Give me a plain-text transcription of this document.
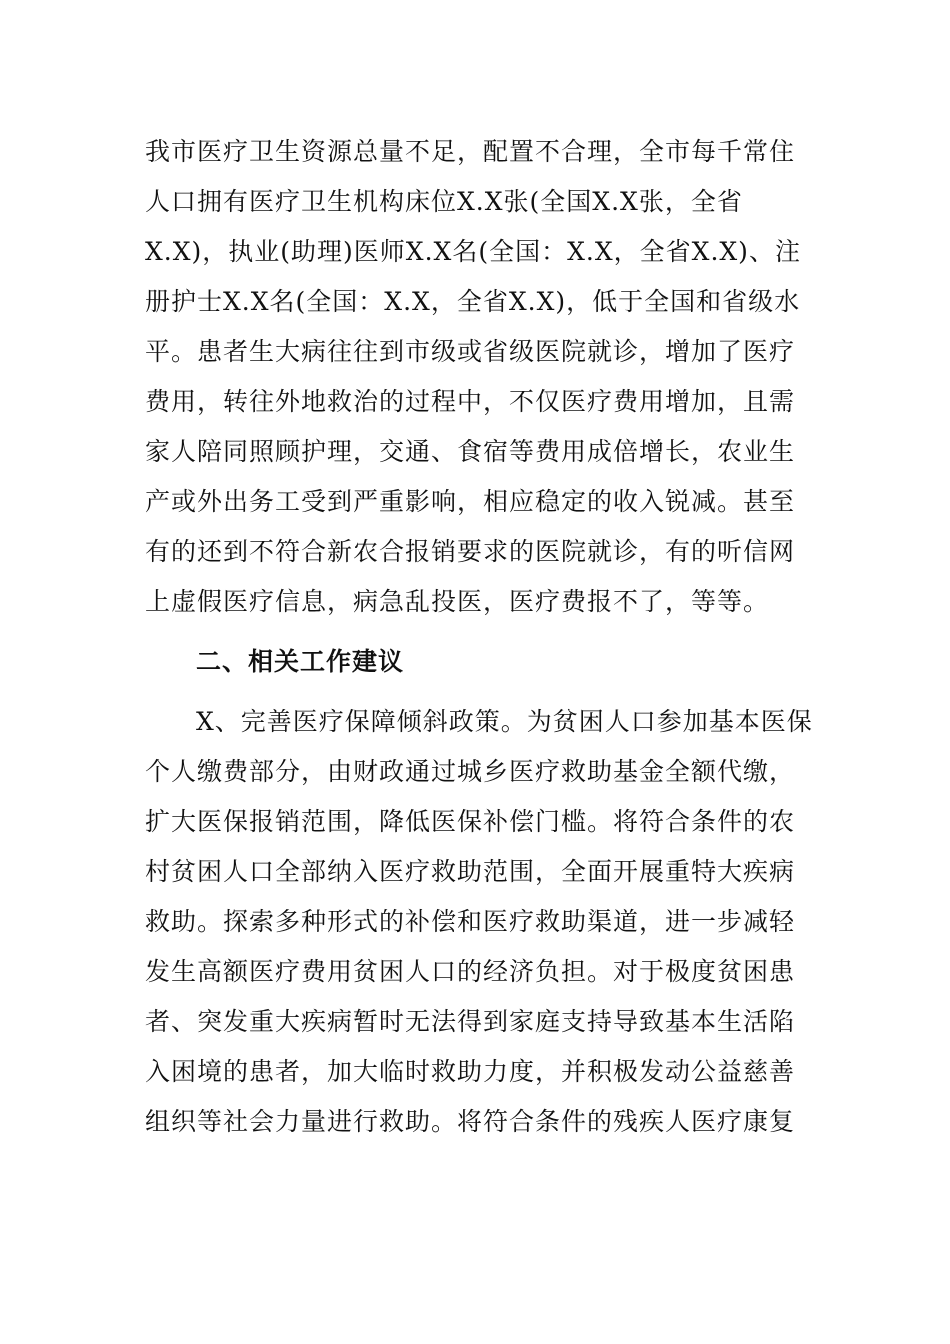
我市医疗卫生资源总量不足，配置不合理，全市每千常住
人口拥有医疗卫生机构床位X.X张(全国X.X张，全省
X.X)，执业(助理)医师X.X名(全国：X.X，全省X.X)、注
册护士X.X名(全国：X.X，全省X.X)，低于全国和省级水
平。患者生大病往往到市级或省级医院就诊，增加了医疗
费用，转往外地救治的过程中，不仅医疗费用增加，且需
家人陪同照顾护理，交通、食宿等费用成倍增长，农业生
产或外出务工受到严重影响，相应稳定的收入锐减。甚至
有的还到不符合新农合报销要求的医院就诊，有的听信网
上虚假医疗信息，病急乱投医，医疗费报不了，等等。
二、相关工作建议
X、完善医疗保障倾斜政策。为贫困人口参加基本医保
个人缴费部分，由财政通过城乡医疗救助基金全额代缴，
扩大医保报销范围，降低医保补偿门槛。将符合条件的农
村贫困人口全部纳入医疗救助范围，全面开展重特大疾病
救助。探索多种形式的补偿和医疗救助渠道，进一步减轻
发生高额医疗费用贫困人口的经济负担。对于极度贫困患
者、突发重大疾病暂时无法得到家庭支持导致基本生活陷
入困境的患者，加大临时救助力度，并积极发动公益慈善
组织等社会力量进行救助。将符合条件的残疾人医疗康复
